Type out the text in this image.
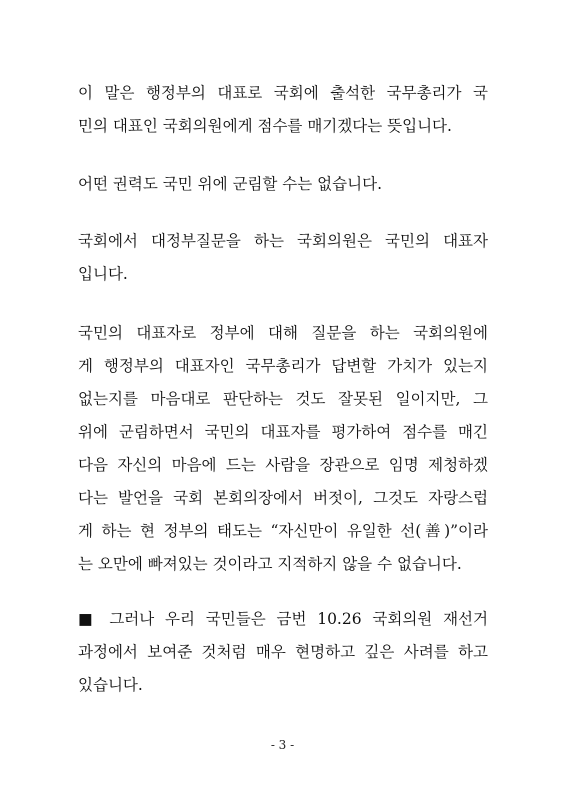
이 말은 행정부의 대표로 국회에 출석한 국무총리가 국
민의 대표인 국회의원에게 점수를 매기겠다는 뜻입니다.

어떤 권력도 국민 위에 군림할 수는 없습니다.

국회에서 대정부질문을 하는 국회의원은 국민의 대표자
입니다.

국민의 대표자로 정부에 대해 질문을 하는 국회의원에
게 행정부의 대표자인 국무총리가 답변할 가치가 있는지
없는지를 마음대로 판단하는 것도 잘못된 일이지만, 그
위에 군림하면서 국민의 대표자를 평가하여 점수를 매긴
다음 자신의 마음에 드는 사람을 장관으로 임명 제청하겠
다는 발언을 국회 본회의장에서 버젓이, 그것도 자랑스럽
게 하는 현 정부의 태도는 “자신만이 유일한 선(善)”이라
는 오만에 빠져있는 것이라고 지적하지 않을 수 없습니다.

■ 그러나 우리 국민들은 금번 10.26 국회의원 재선거
과정에서 보여준 것처럼 매우 현명하고 깊은 사려를 하고
있습니다.

- 3 -
